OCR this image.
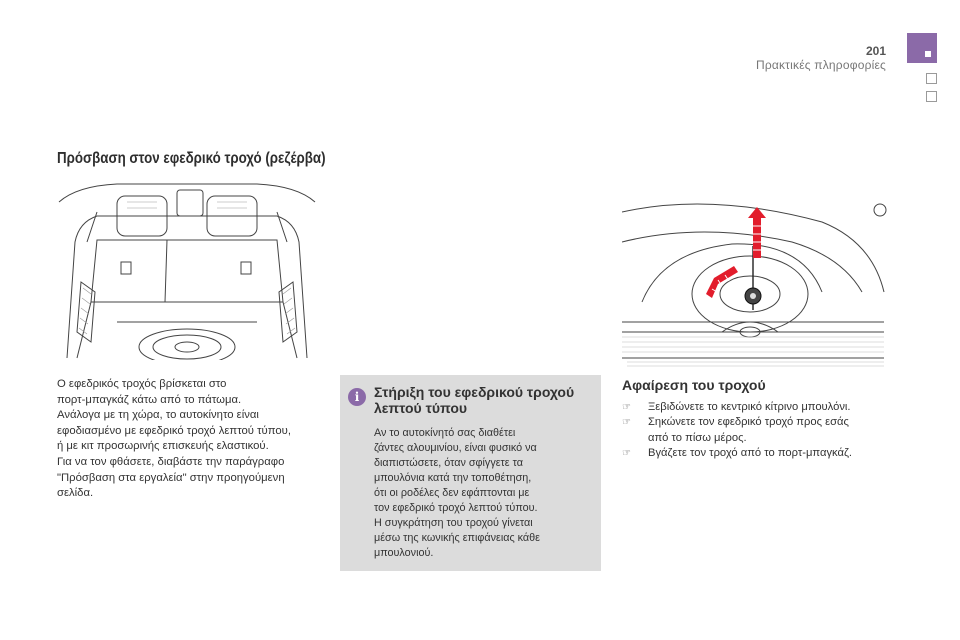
201
Πρακτικές πληροφορίες
Πρόσβαση στον εφεδρικό τροχό (ρεζέρβα)

Ο εφεδρικός τροχός βρίσκεται στο

πορτ-μπαγκάζ κάτω από το πάτωμα.

Ανάλογα με τη χώρα, το αυτοκίνητο είναι

εφοδιασμένο με εφεδρικό τροχό λεπτού τύπου,

ή με κιτ προσωρινής επισκευής ελαστικού.

Για να τον φθάσετε, διαβάστε την παράγραφο

"Πρόσβαση στα εργαλεία" στην προηγούμενη

σελίδα.

i	Στήριξη του εφεδρικού τροχού λεπτού τύπου
Αν το αυτοκίνητό σας διαθέτει
ζάντες αλουμινίου, είναι φυσικό να
διαπιστώσετε, όταν σφίγγετε τα
μπουλόνια κατά την τοποθέτηση,
ότι οι ροδέλες δεν εφάπτονται με
τον εφεδρικό τροχό λεπτού τύπου.
Η συγκράτηση του τροχού γίνεται
μέσω της κωνικής επιφάνειας κάθε
μπουλονιού.
Αφαίρεση του τροχού
☞ Ξεβιδώνετε το κεντρικό κίτρινο μπουλόνι.
☞ Σηκώνετε τον εφεδρικό τροχό προς εσάς
από το πίσω μέρος.
☞ Βγάζετε τον τροχό από το πορτ-μπαγκάζ.
